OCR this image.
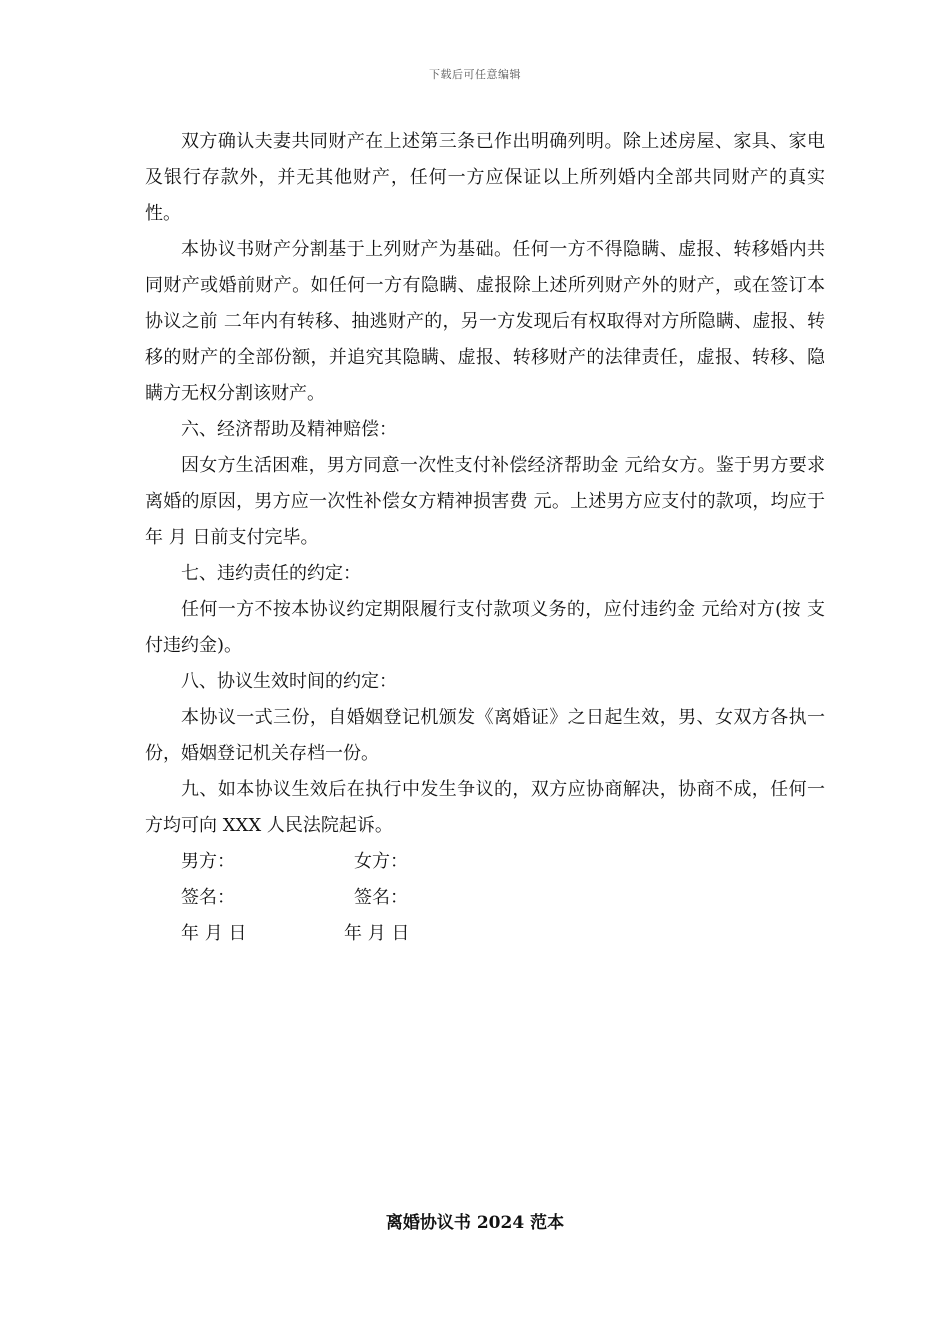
下载后可任意编辑

双方确认夫妻共同财产在上述第三条已作出明确列明。除上述房屋、家具、家电及银行存款外，并无其他财产，任何一方应保证以上所列婚内全部共同财产的真实性。

本协议书财产分割基于上列财产为基础。任何一方不得隐瞒、虚报、转移婚内共同财产或婚前财产。如任何一方有隐瞒、虚报除上述所列财产外的财产，或在签订本协议之前 二年内有转移、抽逃财产的，另一方发现后有权取得对方所隐瞒、虚报、转移的财产的全部份额，并追究其隐瞒、虚报、转移财产的法律责任，虚报、转移、隐瞒方无权分割该财产。

六、经济帮助及精神赔偿：

因女方生活困难，男方同意一次性支付补偿经济帮助金 元给女方。鉴于男方要求离婚的原因，男方应一次性补偿女方精神损害费 元。上述男方应支付的款项，均应于 年 月 日前支付完毕。

七、违约责任的约定：

任何一方不按本协议约定期限履行支付款项义务的，应付违约金 元给对方(按 支付违约金)。

八、协议生效时间的约定：

本协议一式三份，自婚姻登记机颁发《离婚证》之日起生效，男、女双方各执一份，婚姻登记机关存档一份。

九、如本协议生效后在执行中发生争议的，双方应协商解决，协商不成，任何一方均可向 XXX 人民法院起诉。

男方：	女方：
签名：	签名：
年 月 日	年 月 日
离婚协议书 2024 范本
